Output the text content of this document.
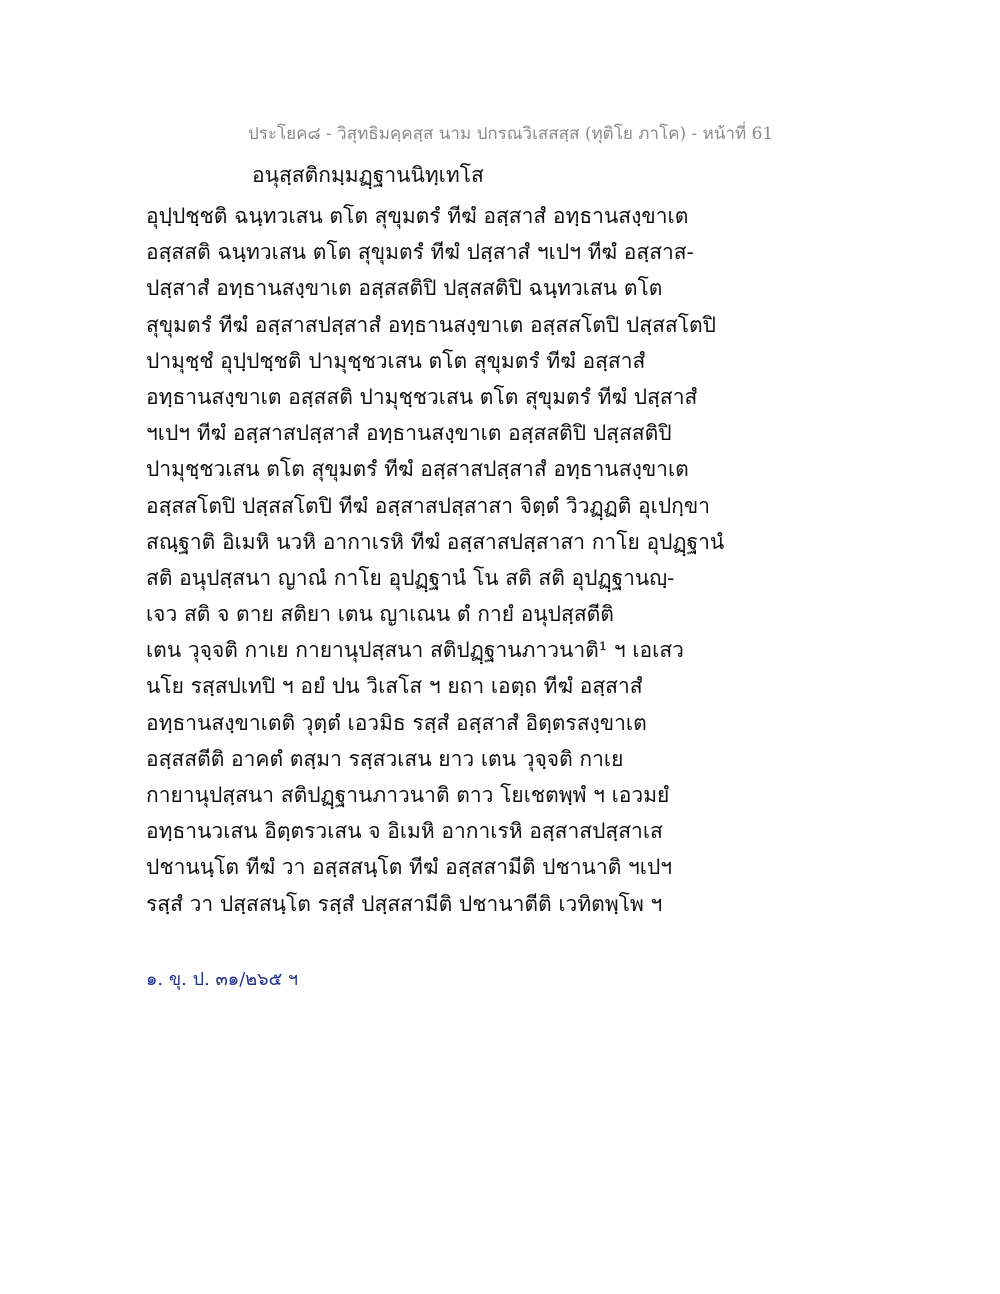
ประโยค๘ - วิสุทธิมคฺคสฺส นาม ปกรณวิเสสสฺส (ทุติโย ภาโค) - หน้าที่ 61
อนุสฺสติกมฺมฏฺฐานนิทฺเทโส
อุปฺปชฺชติ ฉนฺทวเสน ตโต สุขุมตรํ ทีฆํ อสฺสาสํ อทฺธานสงฺขาเต
อสฺสสติ ฉนฺทวเสน ตโต สุขุมตรํ ทีฆํ ปสฺสาสํ ฯเปฯ ทีฆํ อสฺสาส-
ปสฺสาสํ อทฺธานสงฺขาเต อสฺสสติปิ ปสฺสสติปิ ฉนฺทวเสน ตโต
สุขุมตรํ ทีฆํ อสฺสาสปสฺสาสํ อทฺธานสงฺขาเต อสฺสสโตปิ ปสฺสสโตปิ
ปามุชฺชํ อุปฺปชฺชติ ปามุชฺชวเสน ตโต สุขุมตรํ ทีฆํ อสฺสาสํ
อทฺธานสงฺขาเต อสฺสสติ ปามุชฺชวเสน ตโต สุขุมตรํ ทีฆํ ปสฺสาสํ
ฯเปฯ ทีฆํ อสฺสาสปสฺสาสํ อทฺธานสงฺขาเต อสฺสสติปิ ปสฺสสติปิ
ปามุชฺชวเสน ตโต สุขุมตรํ ทีฆํ อสฺสาสปสฺสาสํ อทฺธานสงฺขาเต
อสฺสสโตปิ ปสฺสสโตปิ ทีฆํ อสฺสาสปสฺสาสา จิตฺตํ วิวฏฺฏติ อุเปกฺขา
สณฺฐาติ อิเมหิ นวหิ อากาเรหิ ทีฆํ อสฺสาสปสฺสาสา กาโย อุปฏฺฐานํ
สติ อนุปสฺสนา ญาณํ กาโย อุปฏฺฐานํ โน สติ สติ อุปฏฺฐานญฺ-
เจว สติ จ ตาย สติยา เตน ญาเณน ตํ กายํ อนุปสฺสตีติ
เตน วุจฺจติ กาเย กายานุปสฺสนา สติปฏฺฐานภาวนาติ¹ ฯ เอเสว
นโย รสฺสปเทปิ ฯ อยํ ปน วิเสโส ฯ ยถา เอตฺถ ทีฆํ อสฺสาสํ
อทฺธานสงฺขาเตติ วุตฺตํ เอวมิธ รสฺสํ อสฺสาสํ อิตฺตรสงฺขาเต
อสฺสสตีติ อาคตํ ตสฺมา รสฺสวเสน ยาว เตน วุจฺจติ กาเย
กายานุปสฺสนา สติปฏฺฐานภาวนาติ ตาว โยเชตพฺพํ ฯ เอวมยํ
อทฺธานวเสน อิตฺตรวเสน จ อิเมหิ อากาเรหิ อสฺสาสปสฺสาเส
ปชานนฺโต ทีฆํ วา อสฺสสนฺโต ทีฆํ อสฺสสามีติ ปชานาติ ฯเปฯ
รสฺสํ วา ปสฺสสนฺโต รสฺสํ ปสฺสสามีติ ปชานาตีติ เวทิตพฺโพ ฯ
๑. ขุ. ป. ๓๑/๒๖๕ ฯ
